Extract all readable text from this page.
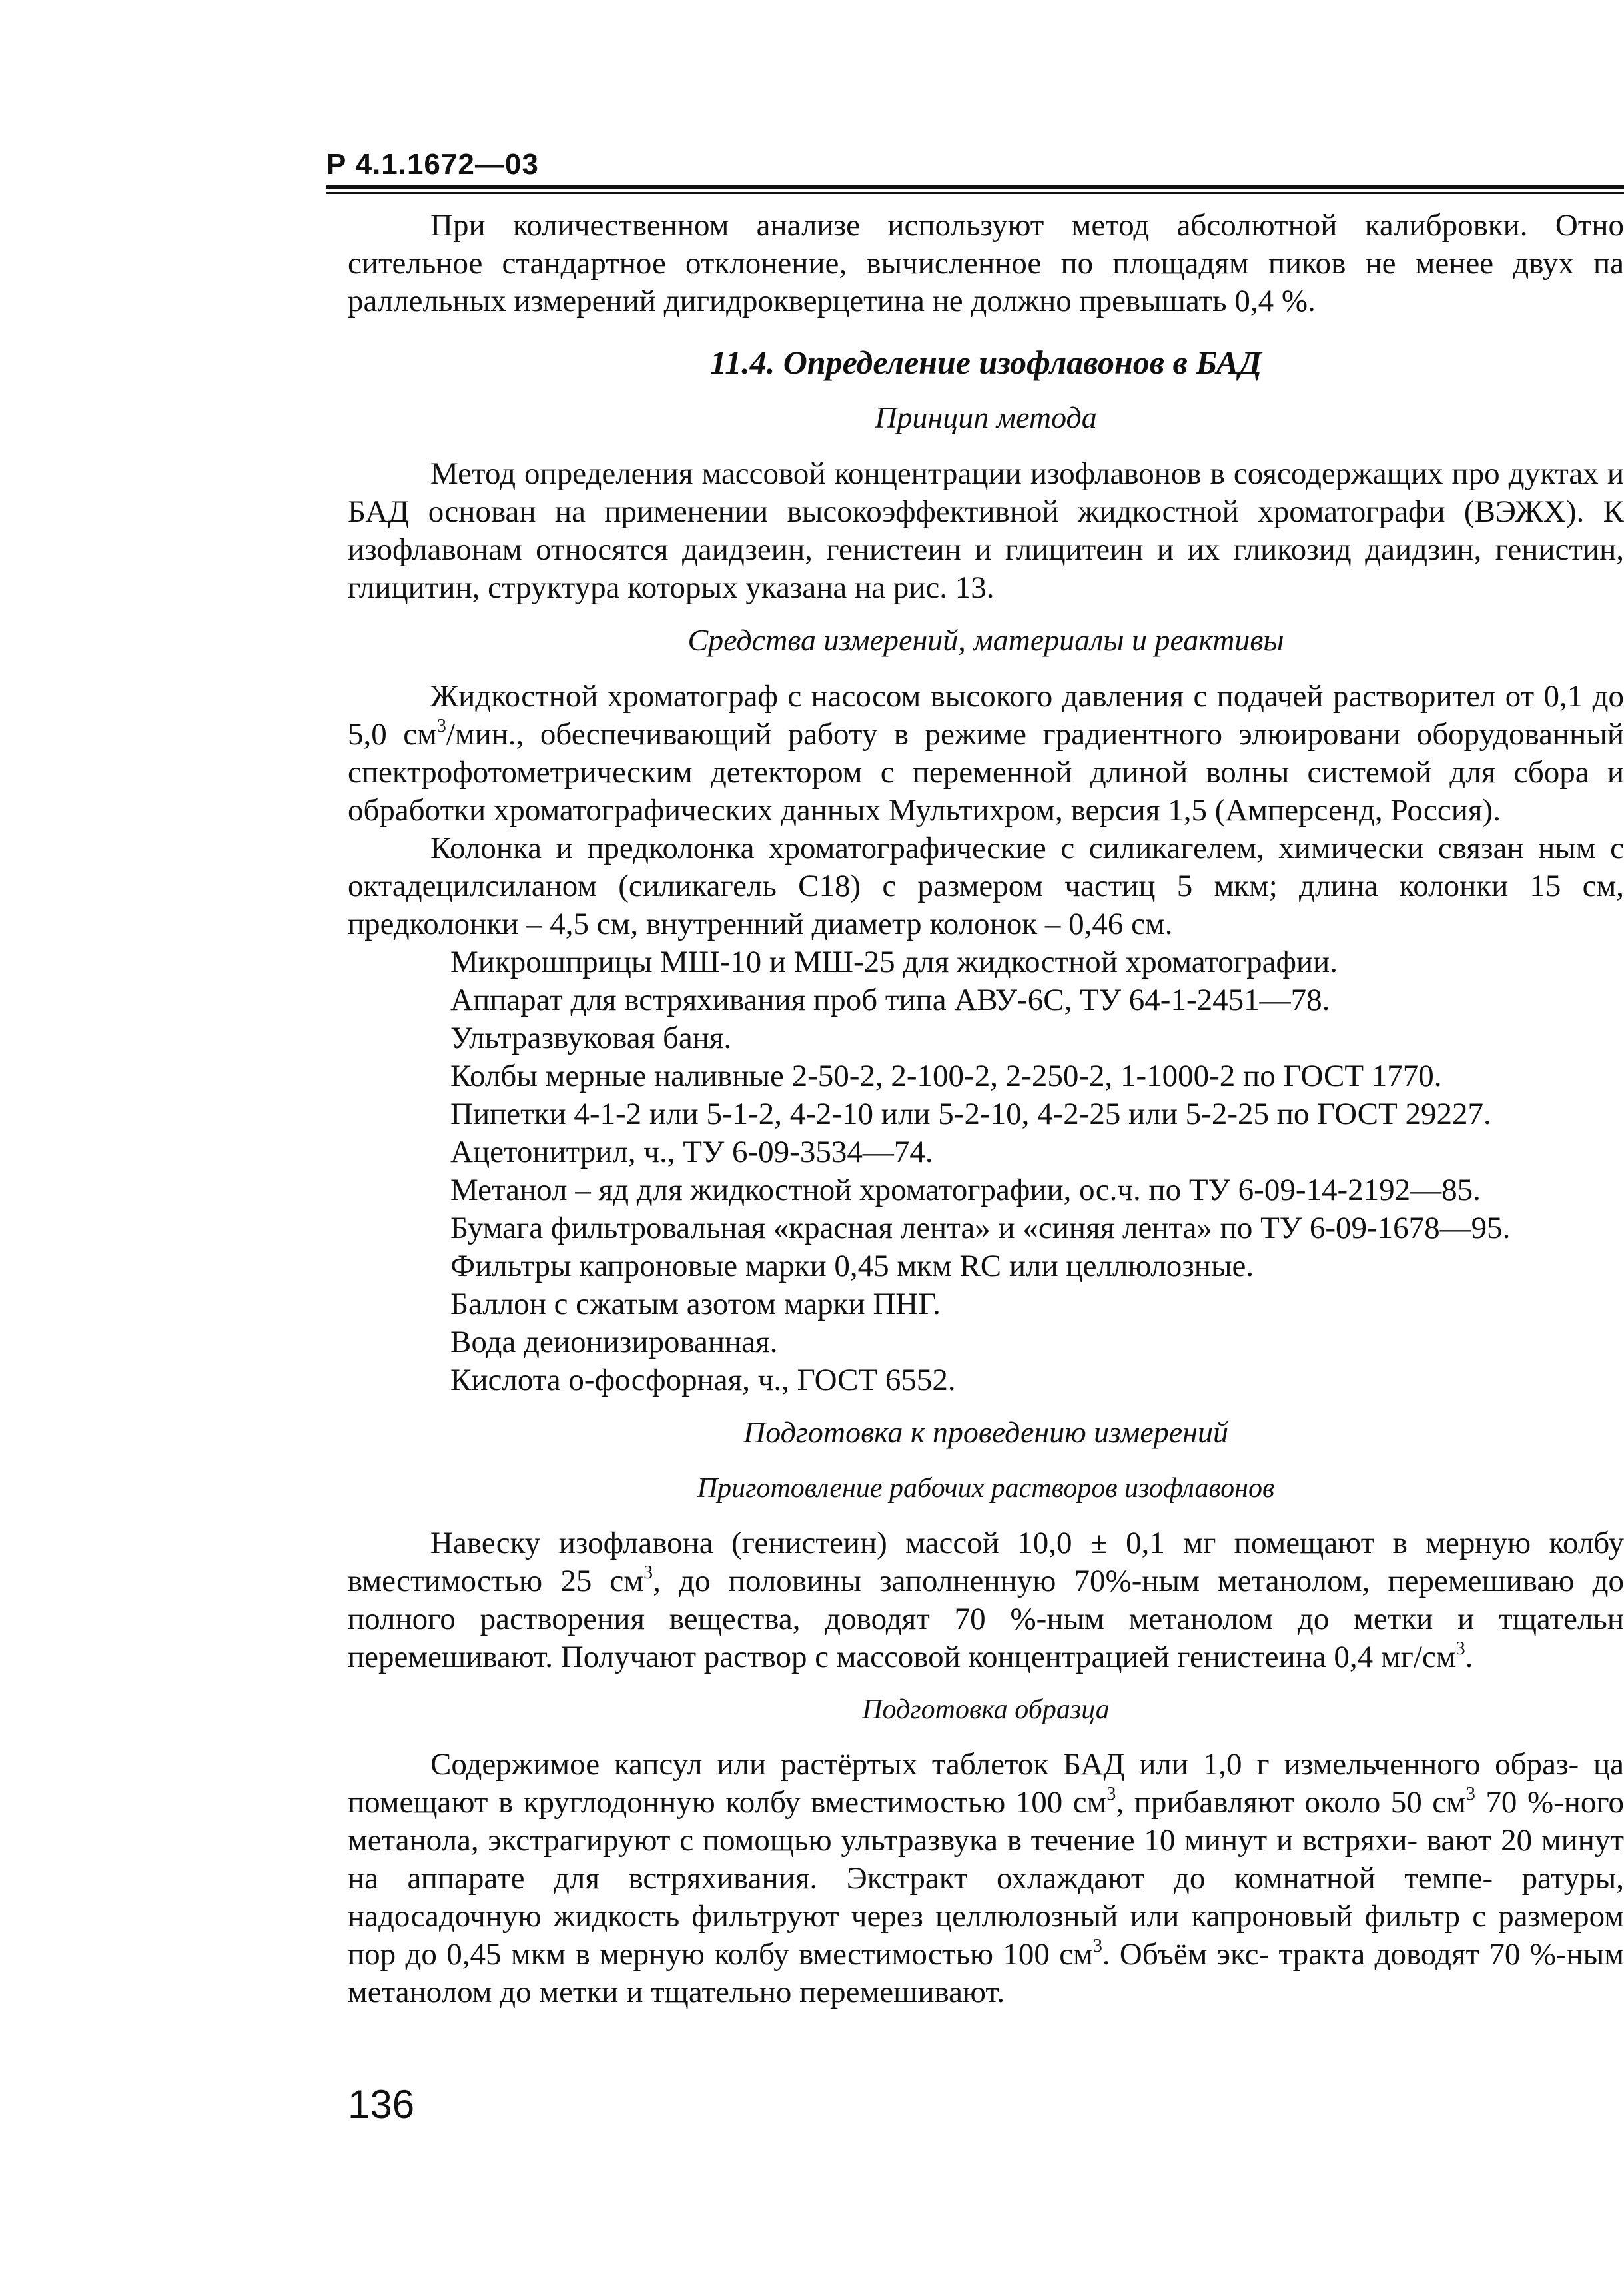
Р 4.1.1672—03

При количественном анализе используют метод абсолютной калибровки. Отно сительное стандартное отклонение, вычисленное по площадям пиков не менее двух па раллельных измерений дигидрокверцетина не должно превышать 0,4 %.

11.4. Определение изофлавонов в БАД
Принцип метода

Метод определения массовой концентрации изофлавонов в соясодержащих про дуктах и БАД основан на применении высокоэффективной жидкостной хроматографи (ВЭЖХ). К изофлавонам относятся даидзеин, генистеин и глицитеин и их гликозид даидзин, генистин, глицитин, структура которых указана на рис. 13.

Средства измерений, материалы и реактивы

Жидкостной хроматограф с насосом высокого давления с подачей растворител от 0,1 до 5,0 $см^3$/мин., обеспечивающий работу в режиме градиентного элюировани оборудованный спектрофотометрическим детектором с переменной длиной волны системой для сбора и обработки хроматографических данных Мультихром, версия 1,5 (Амперсенд, Россия).

Колонка и предколонка хроматографические с силикагелем, химически связан ным с октадецилсиланом (силикагель С18) с размером частиц 5 мкм; длина колонки 15 см, предколонки – 4,5 см, внутренний диаметр колонок – 0,46 см.

Микрошприцы МШ-10 и МШ-25 для жидкостной хроматографии.
Аппарат для встряхивания проб типа АВУ-6С, ТУ 64-1-2451—78.
Ультразвуковая баня.
Колбы мерные наливные 2-50-2, 2-100-2, 2-250-2, 1-1000-2 по ГОСТ 1770.
Пипетки 4-1-2 или 5-1-2, 4-2-10 или 5-2-10, 4-2-25 или 5-2-25 по ГОСТ 29227.
Ацетонитрил, ч., ТУ 6-09-3534—74.
Метанол – яд для жидкостной хроматографии, ос.ч. по ТУ 6-09-14-2192—85.
Бумага фильтровальная «красная лента» и «синяя лента» по ТУ 6-09-1678—95.
Фильтры капроновые марки 0,45 мкм RC или целлюлозные.
Баллон с сжатым азотом марки ПНГ.
Вода деионизированная.
Кислота о-фосфорная, ч., ГОСТ 6552.
Подготовка к проведению измерений
Приготовление рабочих растворов изофлавонов

Навеску изофлавона (генистеин) массой 10,0 ± 0,1 мг помещают в мерную колбу вместимостью 25 $см^3$, до половины заполненную 70%-ным метанолом, перемешиваю до полного растворения вещества, доводят 70 %-ным метанолом до метки и тщательн перемешивают. Получают раствор с массовой концентрацией генистеина 0,4 $мг/см^3$.

Подготовка образца

Содержимое капсул или растёртых таблеток БАД или 1,0 г измельченного образ- ца помещают в круглодонную колбу вместимостью 100 $см^3$, прибавляют около 50 $см^3$ 70 %-ного метанола, экстрагируют с помощью ультразвука в течение 10 минут и встряхи- вают 20 минут на аппарате для встряхивания. Экстракт охлаждают до комнатной темпе- ратуры, надосадочную жидкость фильтруют через целлюлозный или капроновый фильтр с размером пор до 0,45 мкм в мерную колбу вместимостью 100 $см^3$. Объём экс- тракта доводят 70 %-ным метанолом до метки и тщательно перемешивают.

136
